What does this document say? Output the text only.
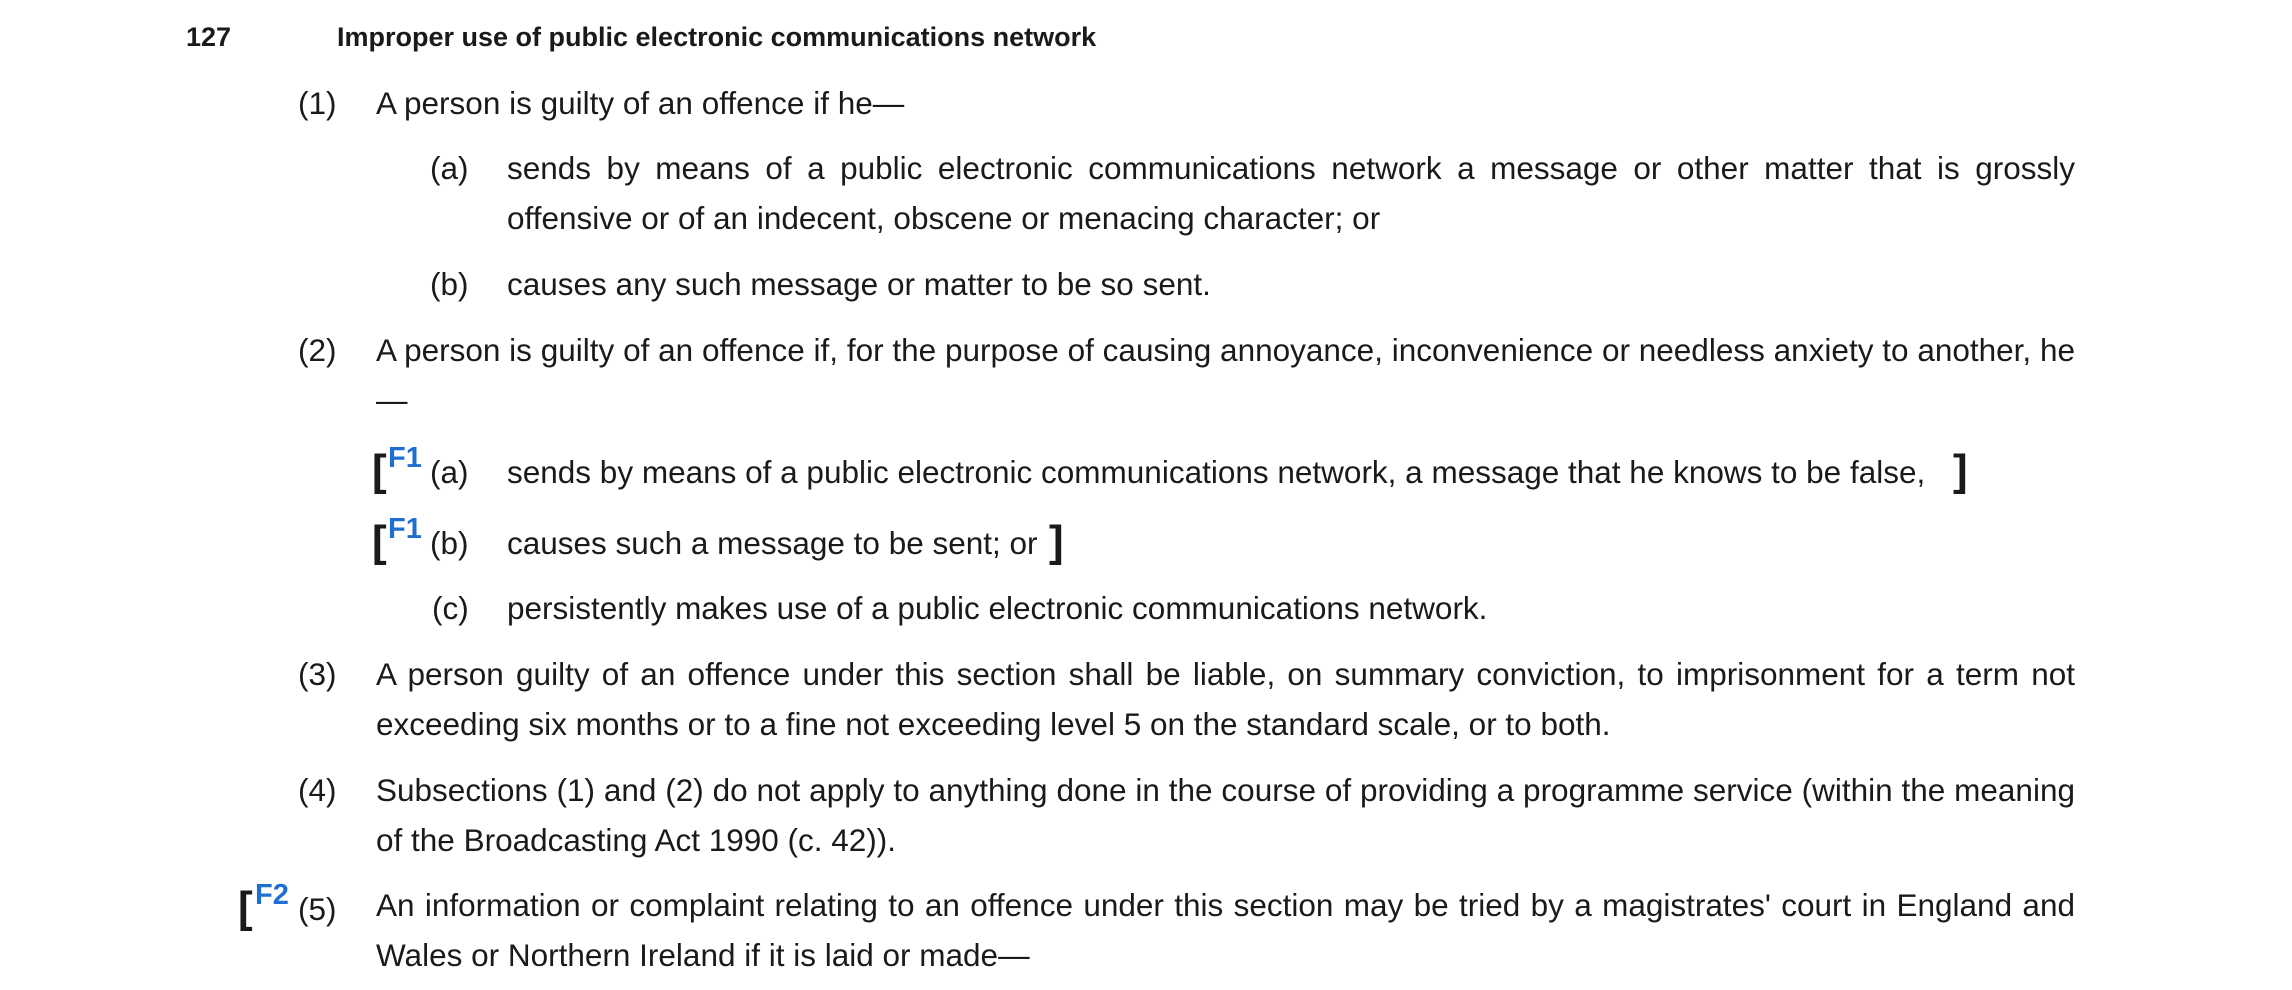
127	Improper use of public electronic communications network
(1) A person is guilty of an offence if he—
(a) sends by means of a public electronic communications network a message or other matter that is grossly offensive or of an indecent, obscene or menacing character; or
(b) causes any such message or matter to be so sent.
(2) A person is guilty of an offence if, for the purpose of causing annoyance, inconvenience or needless anxiety to another, he—
[ F1 (a) sends by means of a public electronic communications network, a message that he knows to be false, ]
[ F1 (b) causes such a message to be sent; or ]
(c) persistently makes use of a public electronic communications network.
(3) A person guilty of an offence under this section shall be liable, on summary conviction, to imprisonment for a term not exceeding six months or to a fine not exceeding level 5 on the standard scale, or to both.
(4) Subsections (1) and (2) do not apply to anything done in the course of providing a programme service (within the meaning of the Broadcasting Act 1990 (c. 42)).
[ F2 (5) An information or complaint relating to an offence under this section may be tried by a magistrates' court in England and Wales or Northern Ireland if it is laid or made—
